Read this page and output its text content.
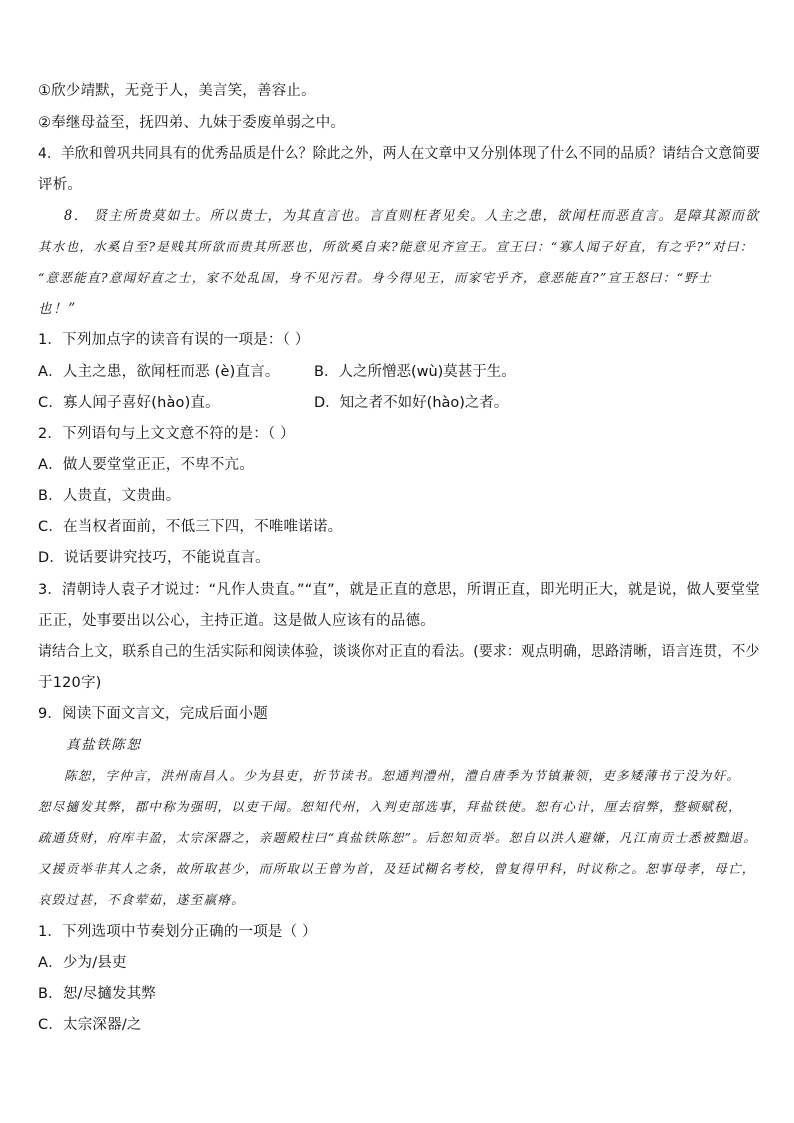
①欣少靖默，无竞于人，美言笑，善容止。
②奉继母益至，抚四弟、九妹于委废单弱之中。
4．羊欣和曾巩共同具有的优秀品质是什么？除此之外，两人在文章中又分别体现了什么不同的品质？请结合文意简要
评析。
8． 贤主所贵莫如士。所以贵士，为其直言也。言直则枉者见矣。人主之患，欲闻枉而恶直言。是障其源而欲
其水也，水奚自至?是贱其所欲而贵其所恶也，所欲奚自来?能意见齐宣王。宣王曰：“寡人闻子好直，有之乎?”对曰：
“意恶能直?意闻好直之士，家不处乱国，身不见污君。身今得见王，而家宅乎齐，意恶能直?”宣王怒曰：“野士
也！”
1．下列加点字的读音有误的一项是：（ ）
A．人主之患，欲闻枉而恶 (è)直言。 B．人之所憎恶(wù)莫甚于生。
C．寡人闻子喜好(hào)直。	D．知之者不如好(hào)之者。
2．下列语句与上文文意不符的是：（ ）
A．做人要堂堂正正，不卑不亢。
B．人贵直，文贵曲。
C．在当权者面前，不低三下四，不唯唯诺诺。
D．说话要讲究技巧，不能说直言。
3．清朝诗人袁子才说过：“凡作人贵直。”“直”，就是正直的意思，所谓正直，即光明正大，就是说，做人要堂堂
正正，处事要出以公心，主持正道。这是做人应该有的品德。
请结合上文，联系自己的生活实际和阅读体验，谈谈你对正直的看法。(要求：观点明确，思路清晰，语言连贯，不少
于120字)
9．阅读下面文言文，完成后面小题
真盐铁陈恕
陈恕，字仲言，洪州南昌人。少为县吏，折节读书。恕通判澧州，澧自唐季为节镇兼领，吏多矮薄书亍没为奸。
恕尽擿发其弊，郡中称为强明，以吏干闻。恕知代州，入判吏部选事，拜盐铁使。恕有心计，厘去宿弊，整顿赋税，
疏通货财，府库丰盈，太宗深器之，亲题殿柱曰“真盐铁陈恕”。后恕知贡举。恕自以洪人避嫌，凡江南贡士悉被黜退。
又援贡举非其人之条，故所取甚少，而所取以王曾为首，及廷试糊名考校，曾复得甲科，时议称之。恕事母孝，母亡，
哀毁过甚，不食荤茹，遂至羸瘠。
1．下列选项中节奏划分正确的一项是（ ）
A．少为/县吏
B．恕/尽擿发其弊
C．太宗深器/之
